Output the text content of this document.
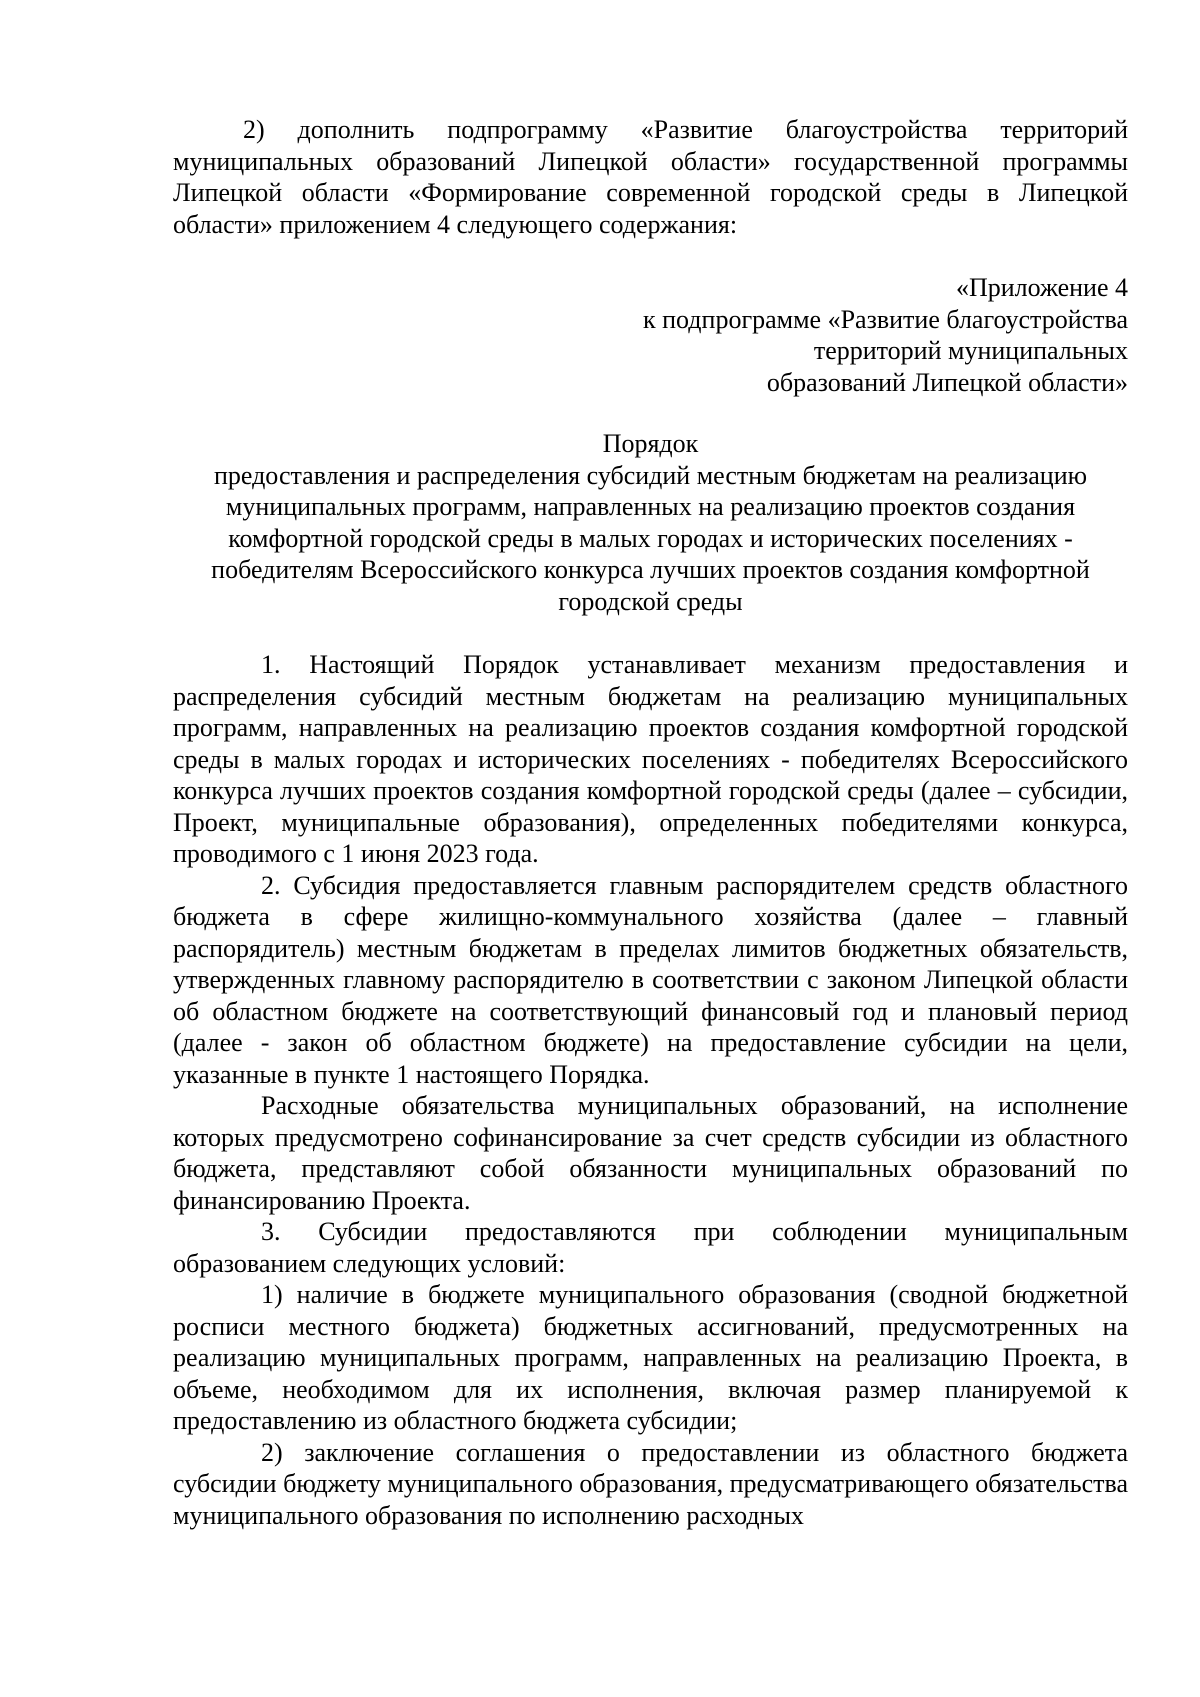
2) дополнить подпрограмму «Развитие благоустройства территорий муниципальных образований Липецкой области» государственной программы Липецкой области «Формирование современной городской среды в Липецкой области» приложением 4 следующего содержания:

«Приложение 4
к подпрограмме «Развитие благоустройства
территорий муниципальных
образований Липецкой области»
Порядок
предоставления и распределения субсидий местным бюджетам на реализацию
муниципальных программ, направленных на реализацию проектов создания
комфортной городской среды в малых городах и исторических поселениях -
победителям Всероссийского конкурса лучших проектов создания комфортной
городской среды

1. Настоящий Порядок устанавливает механизм предоставления и распределения субсидий местным бюджетам на реализацию муниципальных программ, направленных на реализацию проектов создания комфортной городской среды в малых городах и исторических поселениях - победителях Всероссийского конкурса лучших проектов создания комфортной городской среды (далее – субсидии, Проект, муниципальные образования), определенных победителями конкурса, проводимого с 1 июня 2023 года.

2. Субсидия предоставляется главным распорядителем средств областного бюджета в сфере жилищно-коммунального хозяйства (далее – главный распорядитель) местным бюджетам в пределах лимитов бюджетных обязательств, утвержденных главному распорядителю в соответствии с законом Липецкой области об областном бюджете на соответствующий финансовый год и плановый период (далее - закон об областном бюджете) на предоставление субсидии на цели, указанные в пункте 1 настоящего Порядка.

Расходные обязательства муниципальных образований, на исполнение которых предусмотрено софинансирование за счет средств субсидии из областного бюджета, представляют собой обязанности муниципальных образований по финансированию Проекта.

3. Субсидии предоставляются при соблюдении муниципальным образованием следующих условий:

1) наличие в бюджете муниципального образования (сводной бюджетной росписи местного бюджета) бюджетных ассигнований, предусмотренных на реализацию муниципальных программ, направленных на реализацию Проекта, в объеме, необходимом для их исполнения, включая размер планируемой к предоставлению из областного бюджета субсидии;

2) заключение соглашения о предоставлении из областного бюджета субсидии бюджету муниципального образования, предусматривающего обязательства муниципального образования по исполнению расходных
